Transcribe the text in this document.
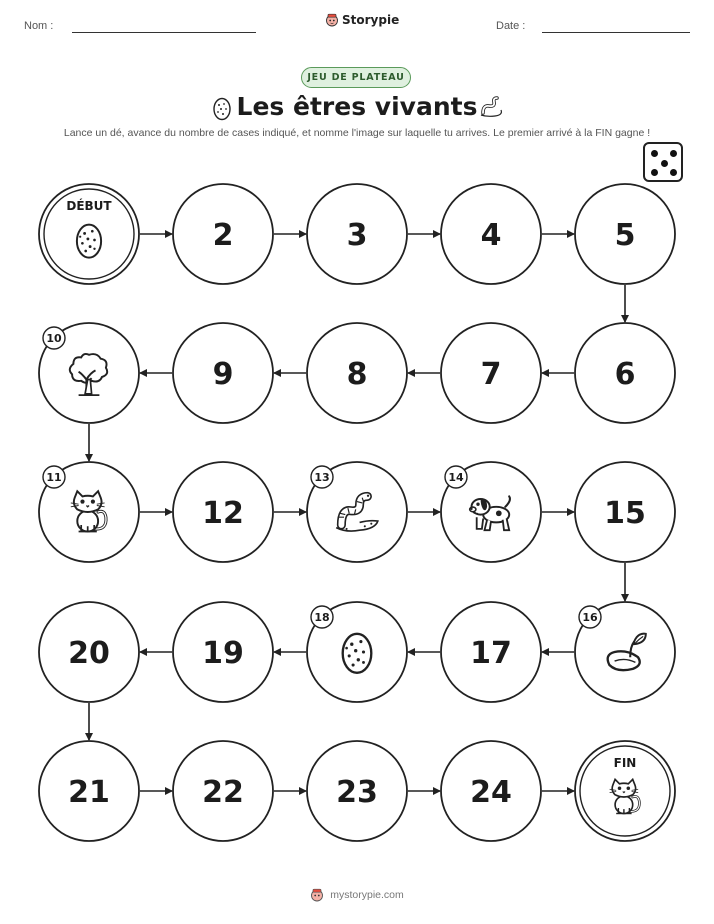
Nom :	Storypie	Date :
JEU DE PLATEAU
Les êtres vivants
Lance un dé, avance du nombre de cases indiqué, et nomme l'image sur laquelle tu arrives. Le premier arrivé à la FIN gagne !
DÉBUT
2	3	4	5
6
7
8
9
10
11
12
13	14
15
16
17
18
19
20
21	22	23	24
FIN
mystorypie.com
